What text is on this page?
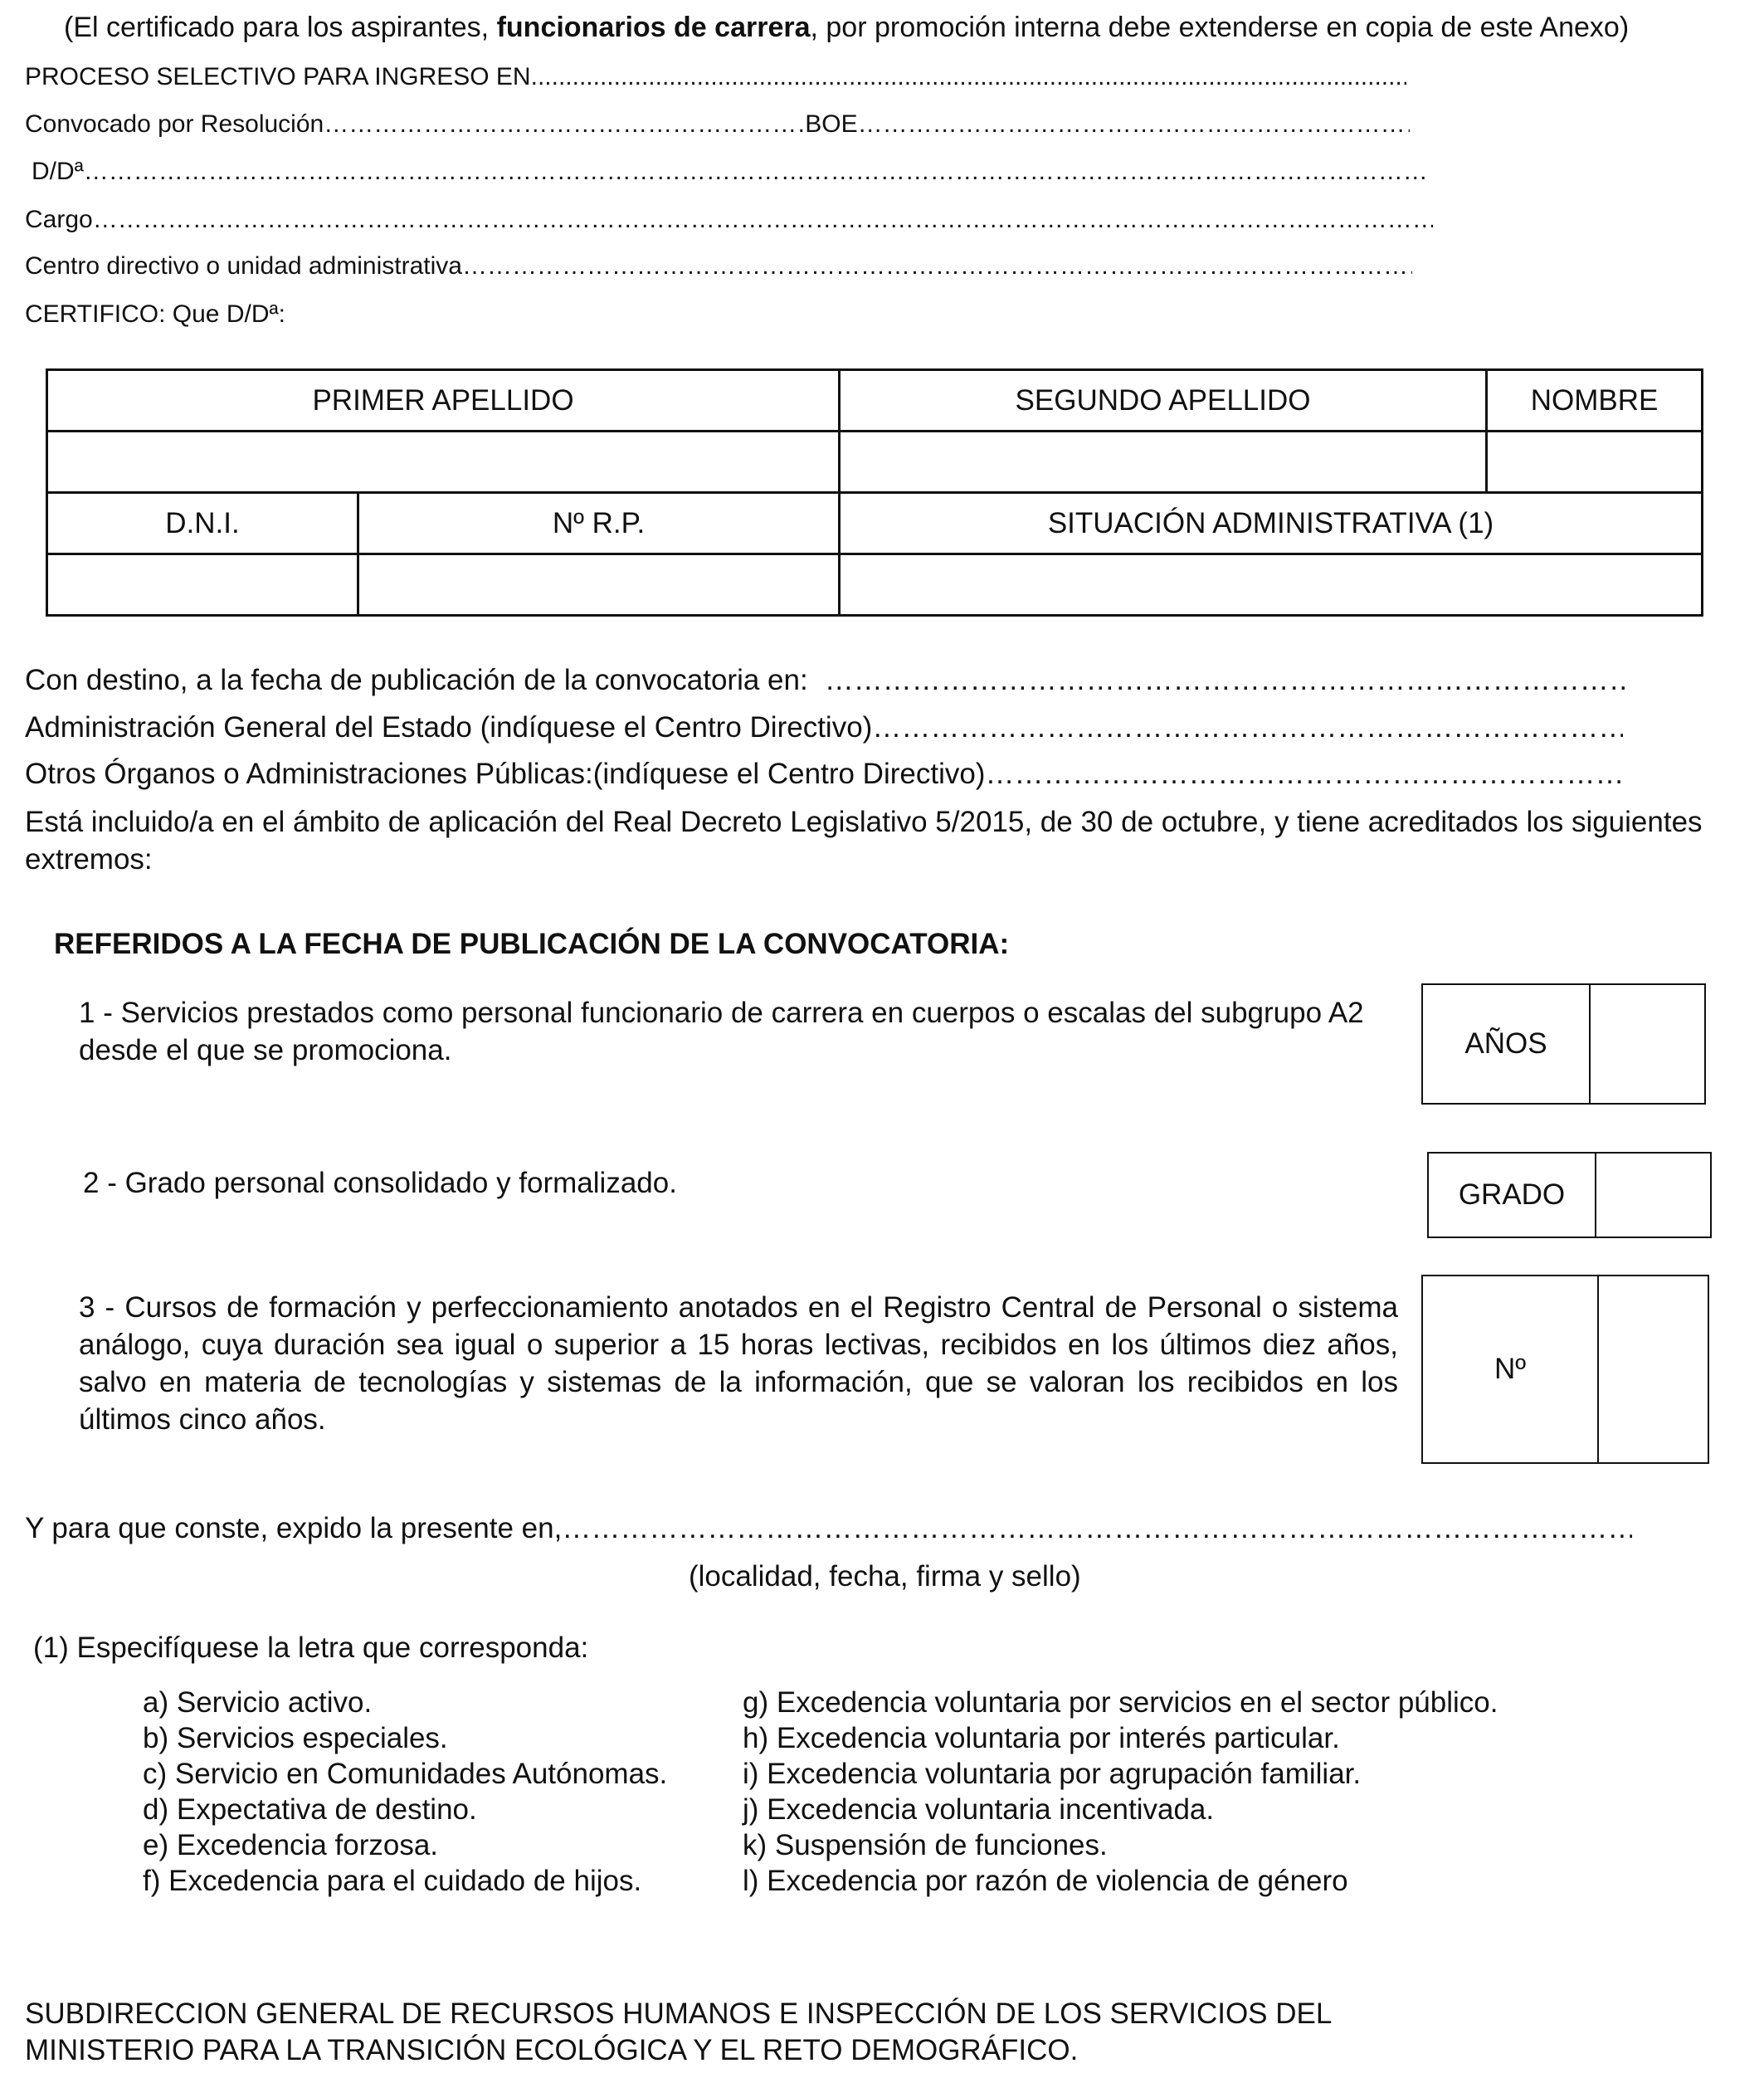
(El certificado para los aspirantes, funcionarios de carrera, por promoción interna debe extenderse en copia de este Anexo)
PROCESO SELECTIVO PARA INGRESO EN
.....
Convocado por Resolución …………………………………………………………………………………………………………………………………………………………………………………………………………………………………………………	BOE
…………………………………………………………………………………………………………………………………………………………………………………………………………………………………………………
D/Dª
…………………………………………………………………………………………………………………………………………………………………………………………………………………………………………………
Cargo
…………………………………………………………………………………………………………………………………………………………………………………………………………………………………………………
Centro directivo o unidad administrativa
…………………………………………………………………………………………………………………………………………………………………………………………………………………………………………………
CERTIFICO: Que D/Dª:
PRIMER APELLIDO		SEGUNDO APELLIDO	NOMBRE

D.N.I.	Nº R.P.	SITUACIÓN ADMINISTRATIVA (1)	

Con destino, a la fecha de publicación de la convocatoria en:
…………………………………………………………………………………………………………………………………………………………………………………………………………………………………………………
Administración General del Estado (indíquese el Centro Directivo)
…………………………………………………………………………………………………………………………………………………………………………………………………………………………………………………
Otros Órganos o Administraciones Públicas:(indíquese el Centro Directivo)
…………………………………………………………………………………………………………………………………………………………………………………………………………………………………………………
Está incluido/a en el ámbito de aplicación del Real Decreto Legislativo 5/2015, de 30 de octubre, y tiene acreditados los siguientes extremos:
REFERIDOS A LA FECHA DE PUBLICACIÓN DE LA CONVOCATORIA:
1 - Servicios prestados como personal funcionario de carrera en cuerpos o escalas del subgrupo A2 desde el que se promociona.	AÑOS
2 - Grado personal consolidado y formalizado.	GRADO
3 - Cursos de formación y perfeccionamiento anotados en el Registro Central de Personal o sistema análogo, cuya duración sea igual o superior a 15 horas lectivas, recibidos en los últimos diez años, salvo en materia de tecnologías y sistemas de la información, que se valoran los recibidos en los últimos cinco años.
Nº
Y para que conste, expido la presente en,
…………………………………………………………………………………………………………………………………………………………………………………………………………………………………………………
(localidad, fecha, firma y sello)
(1) Especifíquese la letra que corresponda:
a) Servicio activo.
b) Servicios especiales.
c) Servicio en Comunidades Autónomas.
d) Expectativa de destino.
e) Excedencia forzosa.
f) Excedencia para el cuidado de hijos.
g) Excedencia voluntaria por servicios en el sector público.
h) Excedencia voluntaria por interés particular.
i) Excedencia voluntaria por agrupación familiar.
j) Excedencia voluntaria incentivada.
k) Suspensión de funciones.
l) Excedencia por razón de violencia de género
SUBDIRECCION GENERAL DE RECURSOS HUMANOS E INSPECCIÓN DE LOS SERVICIOS DEL
MINISTERIO PARA LA TRANSICIÓN ECOLÓGICA Y EL RETO DEMOGRÁFICO.
